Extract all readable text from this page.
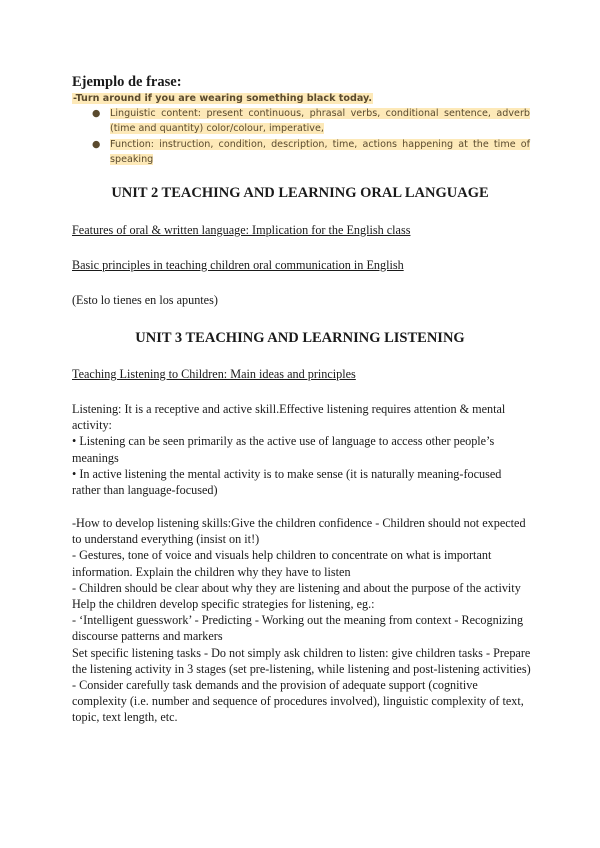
Ejemplo de frase:
-Turn around if you are wearing something black today.
● Linguistic content: present continuous, phrasal verbs, conditional sentence, adverb (time and quantity) color/colour, imperative,
● Function: instruction, condition, description, time, actions happening at the time of speaking
UNIT 2 TEACHING AND LEARNING ORAL LANGUAGE
Features of oral & written language: Implication for the English class
Basic principles in teaching children oral communication in English
(Esto lo tienes en los apuntes)
UNIT 3 TEACHING AND LEARNING LISTENING
Teaching Listening to Children: Main ideas and principles

Listening: It is a receptive and active skill.Effective listening requires attention & mental activity:

• Listening can be seen primarily as the active use of language to access other people’s meanings

• In active listening the mental activity is to make sense (it is naturally meaning-focused rather than language-focused)

-How to develop listening skills:Give the children confidence - Children should not expected to understand everything (insist on it!)

- Gestures, tone of voice and visuals help children to concentrate on what is important information. Explain the children why they have to listen

- Children should be clear about why they are listening and about the purpose of the activity

Help the children develop specific strategies for listening, eg.:

- ‘Intelligent guesswork’ - Predicting - Working out the meaning from context - Recognizing discourse patterns and markers

Set specific listening tasks - Do not simply ask children to listen: give children tasks - Prepare the listening activity in 3 stages (set pre-listening, while listening and post-listening activities)

- Consider carefully task demands and the provision of adequate support (cognitive complexity (i.e. number and sequence of procedures involved), linguistic complexity of text, topic, text length, etc.
